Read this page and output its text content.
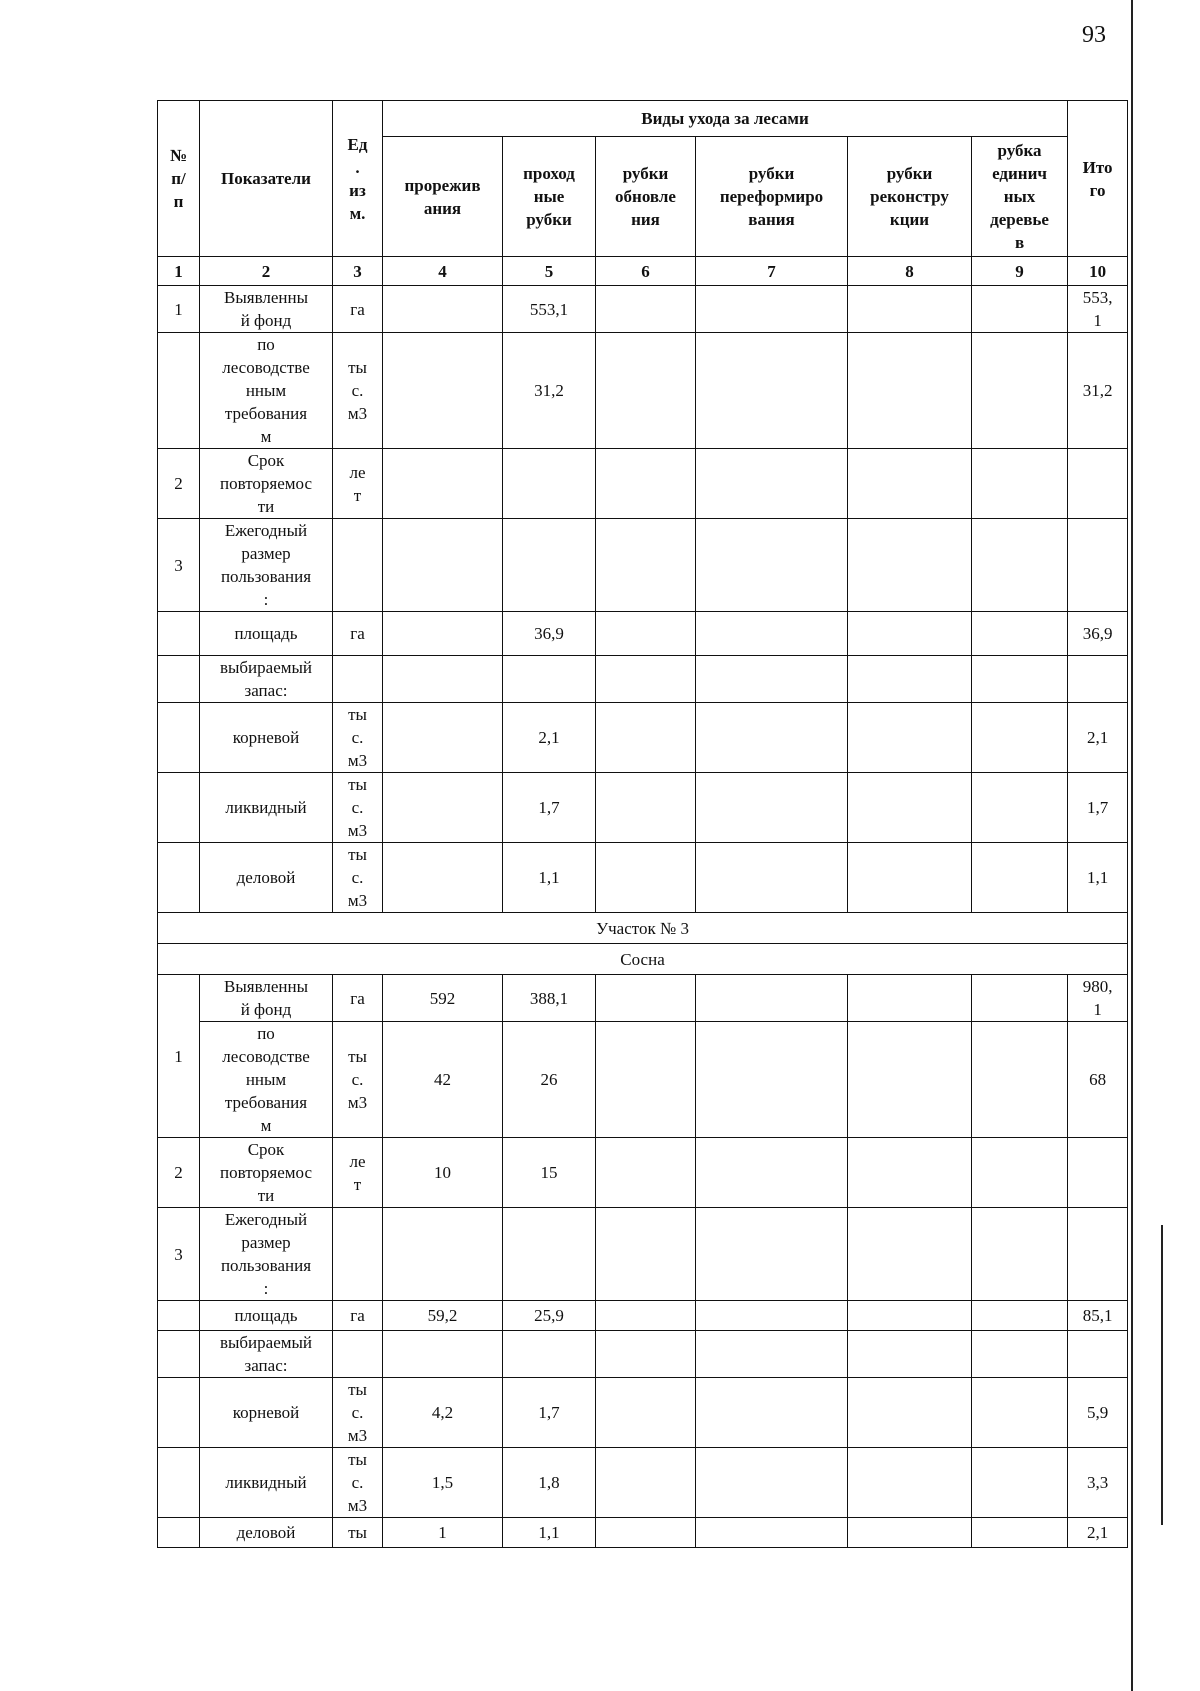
93
№
п/
п	Показатели	Ед
.
из
м.	Виды ухода за лесами						Ито
го
			прорежив
ания	проход
ные
рубки	рубки
обновле
ния	рубки
переформиро
вания	рубки
реконстру
кции	рубка
единич
ных
деревье
в	
1	2	3	4	5	6	7	8	9	10
1	Выявленны
й фонд	га		553,1					553,
1
	по
лесоводстве
нным
требования
м	ты
с.
м3		31,2					31,2
2	Срок
повторяемос
ти	ле
т							
3	Ежегодный
размер
пользования
:								
	площадь	га		36,9					36,9
	выбираемый
запас:								
	корневой	ты
с.
м3		2,1					2,1
	ликвидный	ты
с.
м3		1,7					1,7
	деловой	ты
с.
м3		1,1					1,1
Участок № 3									
Сосна									
1	Выявленны
й фонд	га	592	388,1					980,
1
	по
лесоводстве
нным
требования
м	ты
с.
м3	42	26					68
2	Срок
повторяемос
ти	ле
т	10	15					
3	Ежегодный
размер
пользования
:								
	площадь	га	59,2	25,9					85,1
	выбираемый
запас:								
	корневой	ты
с.
м3	4,2	1,7					5,9
	ликвидный	ты
с.
м3	1,5	1,8					3,3
	деловой	ты	1	1,1					2,1
